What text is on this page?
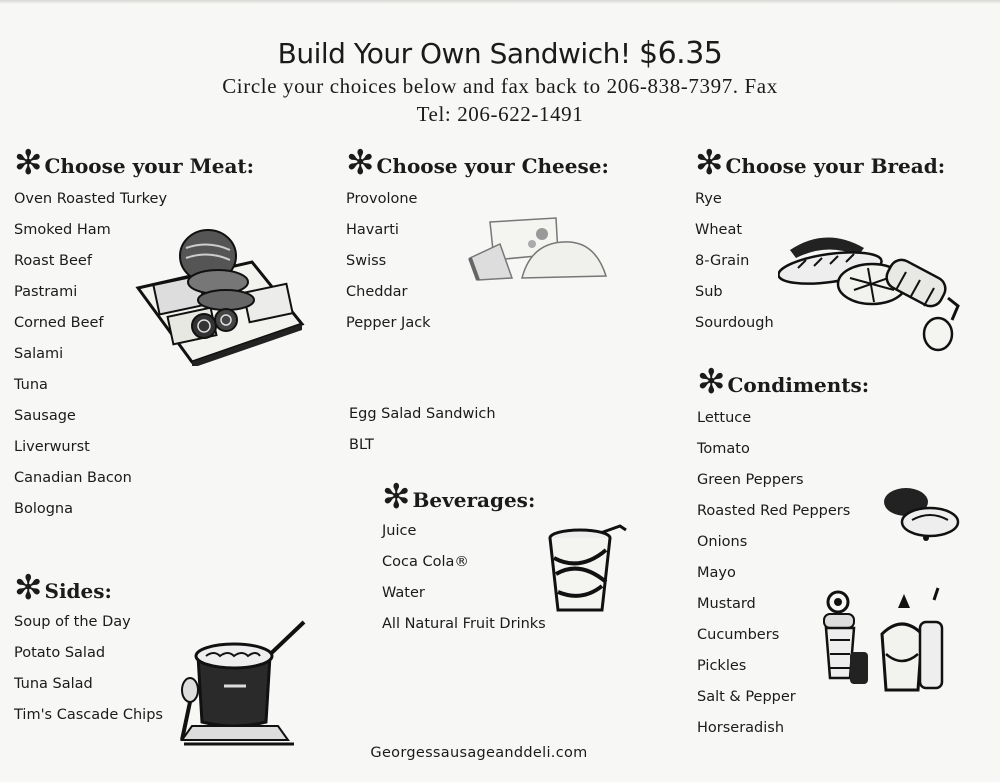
Build Your Own Sandwich! $6.35
Circle your choices below and fax back to 206-838-7397. Fax
Tel: 206-622-1491
✻ Choose your Meat:
Oven Roasted Turkey
Smoked Ham
Roast Beef
Pastrami
Corned Beef
Salami
Tuna
Sausage
Liverwurst
Canadian Bacon
Bologna
✻ Choose your Cheese:
Provolone
Havarti
Swiss
Cheddar
Pepper Jack
Egg Salad Sandwich
BLT
✻ Choose your Bread:
Rye
Wheat
8-Grain
Sub
Sourdough
✻ Condiments:
Lettuce
Tomato
Green Peppers
Roasted Red Peppers
Onions
Mayo
Mustard
Cucumbers
Pickles
Salt & Pepper
Horseradish
✻ Beverages:
Juice
Coca Cola®
Water
All Natural Fruit Drinks
✻ Sides:
Soup of the Day
Potato Salad
Tuna Salad
Tim's Cascade Chips
Georgessausageanddeli.com
